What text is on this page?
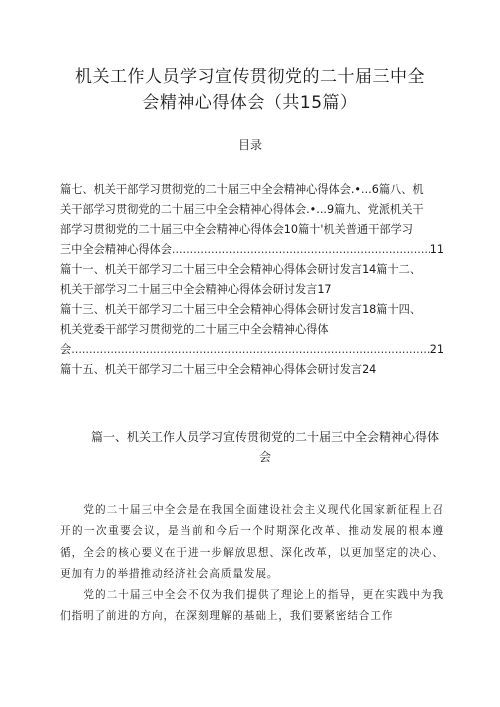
机关工作人员学习宣传贯彻党的二十届三中全
会精神心得体会（共15篇）
目录
篇七、机关干部学习贯彻党的二十届三中全会精神心得体会.•...6篇八、机
关干部学习贯彻党的二十届三中全会精神心得体会.•...9篇九、党派机关干
部学习贯彻党的二十届三中全会精神心得体会10篇十'机关普通干部学习
三中全会精神心得体会 .....	11
篇十一、机关干部学习二十届三中全会精神心得体会研讨发言14篇十二、
机关干部学习二十届三中全会精神心得体会研讨发言17
篇十三、机关干部学习二十届三中全会精神心得体会研讨发言18篇十四、
机关党委干部学习贯彻党的二十届三中全会精神心得体
会 .....	21
篇十五、机关干部学习二十届三中全会精神心得体会研讨发言24
篇一、机关工作人员学习宣传贯彻党的二十届三中全会精神心得体
会

党的二十届三中全会是在我国全面建设社会主义现代化国家新征程上召开的一次重要会议，是当前和今后一个时期深化改革、推动发展的根本遵循，全会的核心要义在于进一步解放思想、深化改革，以更加坚定的决心、更加有力的举措推动经济社会高质量发展。

党的二十届三中全会不仅为我们提供了理论上的指导，更在实践中为我们指明了前进的方向，在深刻理解的基础上，我们要紧密结合工作
